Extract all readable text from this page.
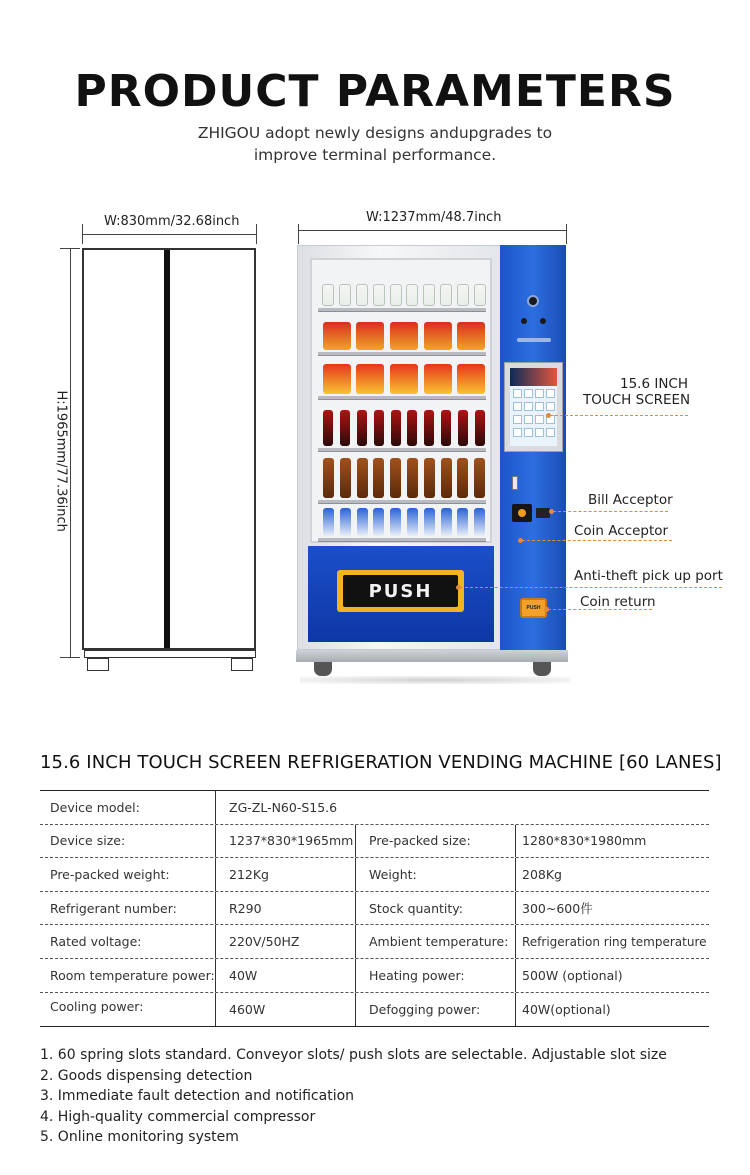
PRODUCT PARAMETERS
ZHIGOU adopt newly designs andupgrades to
improve terminal performance.
W:830mm/32.68inch
H:1965mm/77.36inch
W:1237mm/48.7inch
PUSH
PUSH
15.6 INCH
TOUCH SCREEN
Bill Acceptor
Coin Acceptor
Anti-theft pick up port
Coin return
15.6 INCH TOUCH SCREEN REFRIGERATION VENDING MACHINE [60 LANES]
Device model:	ZG-ZL-N60-S15.6
Device size:	1237*830*1965mm	Pre-packed size:	1280*830*1980mm
Pre-packed weight:	212Kg	Weight:	208Kg
Refrigerant number:	R290	Stock quantity:	300~600件
Rated voltage:	220V/50HZ	Ambient temperature:	Refrigeration ring temperature
Room temperature power:	40W	Heating power:	500W (optional)
Cooling power:	460W	Defogging power:	40W(optional)
1. 60 spring slots standard. Conveyor slots/ push slots are selectable. Adjustable slot size
2. Goods dispensing detection
3. Immediate fault detection and notification
4. High-quality commercial compressor
5. Online monitoring system
